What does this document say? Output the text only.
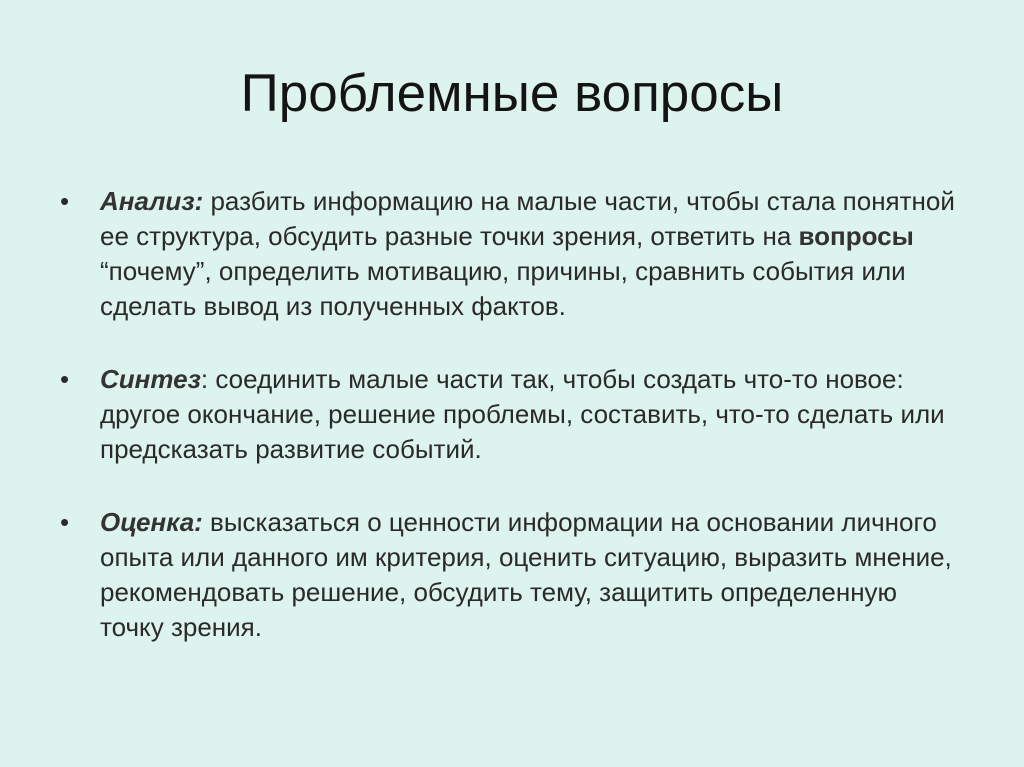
Проблемные вопросы
• Анализ: разбить информацию на малые части, чтобы стала понятной ее структура, обсудить разные точки зрения, ответить на вопросы “почему”, определить мотивацию, причины, сравнить события или сделать вывод из полученных фактов.
• Синтез: соединить малые части так, чтобы создать что-то новое: другое окончание, решение проблемы, составить, что-то сделать или предсказать развитие событий.
• Оценка: высказаться о ценности информации на основании личного опыта или данного им критерия, оценить ситуацию, выразить мнение, рекомендовать решение, обсудить тему, защитить определенную точку зрения.
